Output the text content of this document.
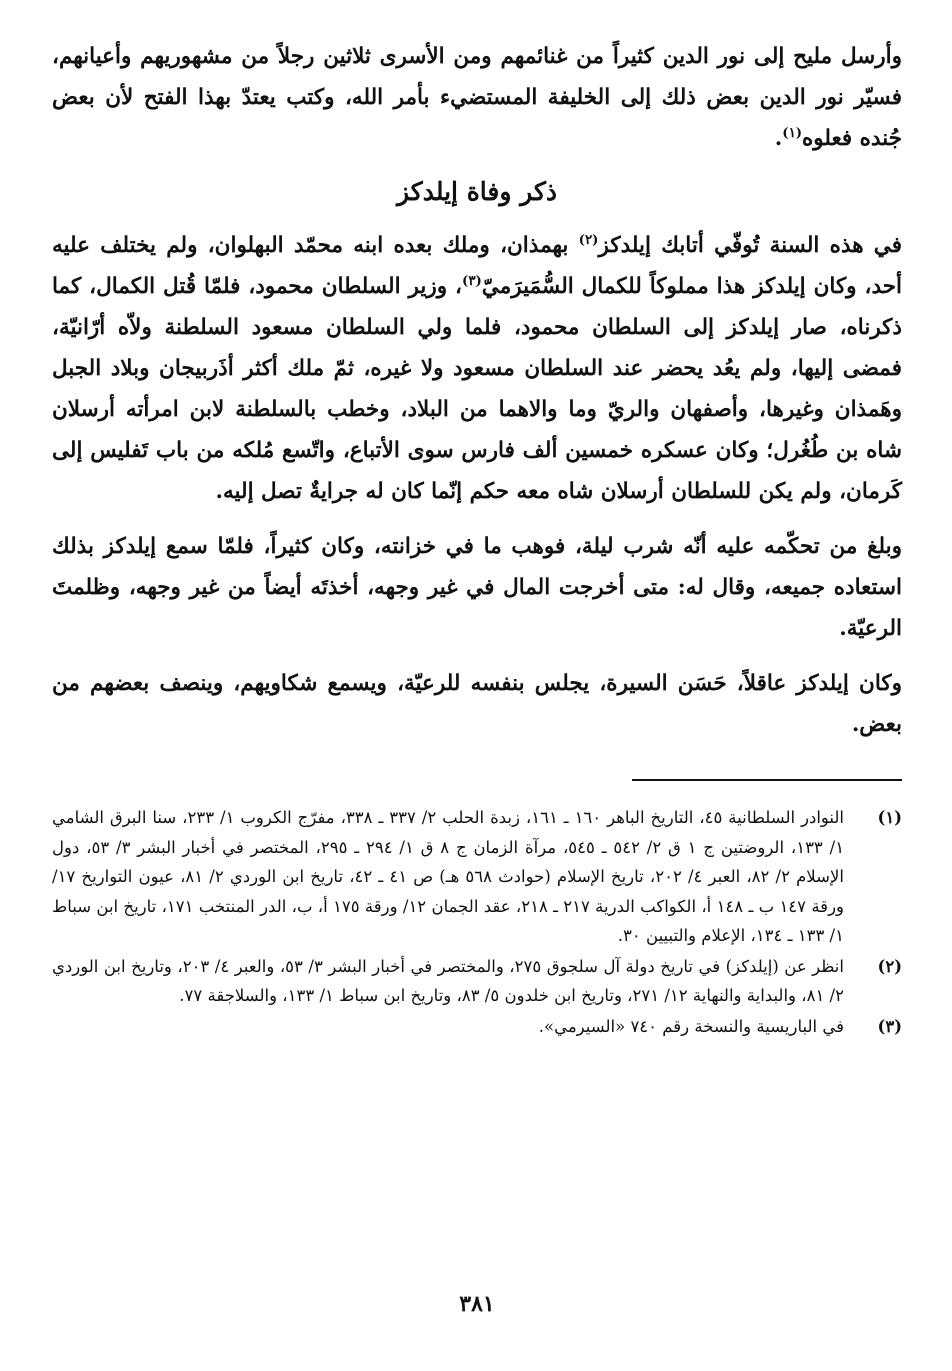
وأرسل مليح إلى نور الدين كثيراً من غنائمهم ومن الأسرى ثلاثين رجلاً من مشهوريهم وأعيانهم، فسيّر نور الدين بعض ذلك إلى الخليفة المستضيء بأمر الله، وكتب يعتدّ بهذا الفتح لأن بعض جُنده فعلوه$^{(١)}$.

ذكر وفاة إيلدكز

في هذه السنة تُوفّي أتابك إيلدكز$^{(٢)}$ بهمذان، وملك بعده ابنه محمّد البهلوان، ولم يختلف عليه أحد، وكان إيلدكز هذا مملوكاً للكمال السُّمَيرَميّ$^{(٣)}$، وزير السلطان محمود، فلمّا قُتل الكمال، كما ذكرناه، صار إيلدكز إلى السلطان محمود، فلما ولي السلطان مسعود السلطنة ولاّه أرّانيّة، فمضى إليها، ولم يعُد يحضر عند السلطان مسعود ولا غيره، ثمّ ملك أكثر أذَربيجان وبلاد الجبل وهَمذان وغيرها، وأصفهان والريّ وما والاهما من البلاد، وخطب بالسلطنة لابن امرأته أرسلان شاه بن طُغُرل؛ وكان عسكره خمسين ألف فارس سوى الأتباع، واتّسع مُلكه من باب تَفليس إلى كَرمان، ولم يكن للسلطان أرسلان شاه معه حكم إنّما كان له جرايةٌ تصل إليه.

وبلغ من تحكّمه عليه أنّه شرب ليلة، فوهب ما في خزانته، وكان كثيراً، فلمّا سمع إيلدكز بذلك استعاده جميعه، وقال له: متى أخرجت المال في غير وجهه، أخذتَه أيضاً من غير وجهه، وظلمتَ الرعيّة.

وكان إيلدكز عاقلاً، حَسَن السيرة، يجلس بنفسه للرعيّة، ويسمع شكاويهم، وينصف بعضهم من بعض.

(١)
النوادر السلطانية ٤٥، التاريخ الباهر ١٦٠ ـ ١٦١، زبدة الحلب ٢/ ٣٣٧ ـ ٣٣٨، مفرّج الكروب ١/ ٢٣٣، سنا البرق الشامي ١/ ١٣٣، الروضتين ج ١ ق ٢/ ٥٤٢ ـ ٥٤٥، مرآة الزمان ج ٨ ق ١/ ٢٩٤ ـ ٢٩٥، المختصر في أخبار البشر ٣/ ٥٣، دول الإسلام ٢/ ٨٢، العبر ٤/ ٢٠٢، تاريخ الإسلام (حوادث ٥٦٨ هـ) ص ٤١ ـ ٤٢، تاريخ ابن الوردي ٢/ ٨١، عيون التواريخ ١٧/ ورقة ١٤٧ ب ـ ١٤٨ أ، الكواكب الدرية ٢١٧ ـ ٢١٨، عقد الجمان ١٢/ ورقة ١٧٥ أ، ب، الدر المنتخب ١٧١، تاريخ ابن سباط ١/ ١٣٣ ـ ١٣٤، الإعلام والتبيين ٣٠.
(٢)
انظر عن (إيلدكز) في تاريخ دولة آل سلجوق ٢٧٥، والمختصر في أخبار البشر ٣/ ٥٣، والعبر ٤/ ٢٠٣، وتاريخ ابن الوردي ٢/ ٨١، والبداية والنهاية ١٢/ ٢٧١، وتاريخ ابن خلدون ٥/ ٨٣، وتاريخ ابن سباط ١/ ١٣٣، والسلاجقة ٧٧.
(٣)
في الباريسية والنسخة رقم ٧٤٠ «السيرمي».
٣٨١
